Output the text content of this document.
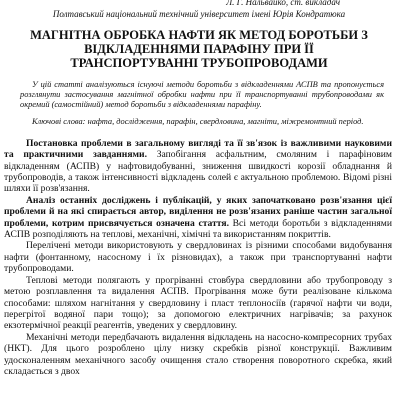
Л. Г. Нальвайко, ст. викладач
Полтавський національний технічний університет імені Юрія Кондратюка
МАГНІТНА ОБРОБКА НАФТИ ЯК МЕТОД БОРОТЬБИ З ВІДКЛАДЕННЯМИ ПАРАФІНУ ПРИ ЇЇ ТРАНСПОРТУВАННІ ТРУБОПРОВОДАМИ

У цій статті аналізуються існуючі методи боротьби з відкладеннями АСПВ та пропонується розглянути застосування магнітної обробки нафти при її транспортуванні трубопроводами як окремий (самостійний) метод боротьби з відкладеннями парафіну.

Ключові слова: нафта, дослідження, парафін, свердловина, магніти, міжремонтний період.

Постановка проблеми в загальному вигляді та її зв'язок із важливими науковими та практичними завданнями. Запобігання асфальтним, смоляним і парафіновим відкладенням (АСПВ) у нафтовидобуванні, зниження швидкості корозії обладнання й трубопроводів, а також інтенсивності відкладень солей є актуальною проблемою. Відомі різні шляхи її розв'язання.

Аналіз останніх досліджень і публікацій, у яких започатковано розв'язання цієї проблеми й на які спирається автор, виділення не розв'язаних раніше частин загальної проблеми, котрим присвячується означена стаття. Всі методи боротьби з відкладеннями АСПВ розподіляють на теплові, механічні, хімічні та використанням покриттів.

Перелічені методи використовують у свердловинах із різними способами видобування нафти (фонтанному, насосному і їх різновидах), а також при транспортуванні нафти трубопроводами.

Теплові методи полягають у прогріванні стовбура свердловини або трубопроводу з метою розплавлення та видалення АСПВ. Прогрівання може бути реалізоване кількома способами: шляхом нагнітання у свердловину і пласт теплоносіїв (гарячої нафти чи води, перегрітої водяної пари тощо); за допомогою електричних нагрівачів; за рахунок екзотермічної реакції реагентів, уведених у свердловину.

Механічні методи передбачають видалення відкладень на насосно-компресорних трубах (НКТ). Для цього розроблено цілу низку скребків різної конструкції. Важливим удосконаленням механічного засобу очищення стало створення поворотного скребка, який складається з двох
